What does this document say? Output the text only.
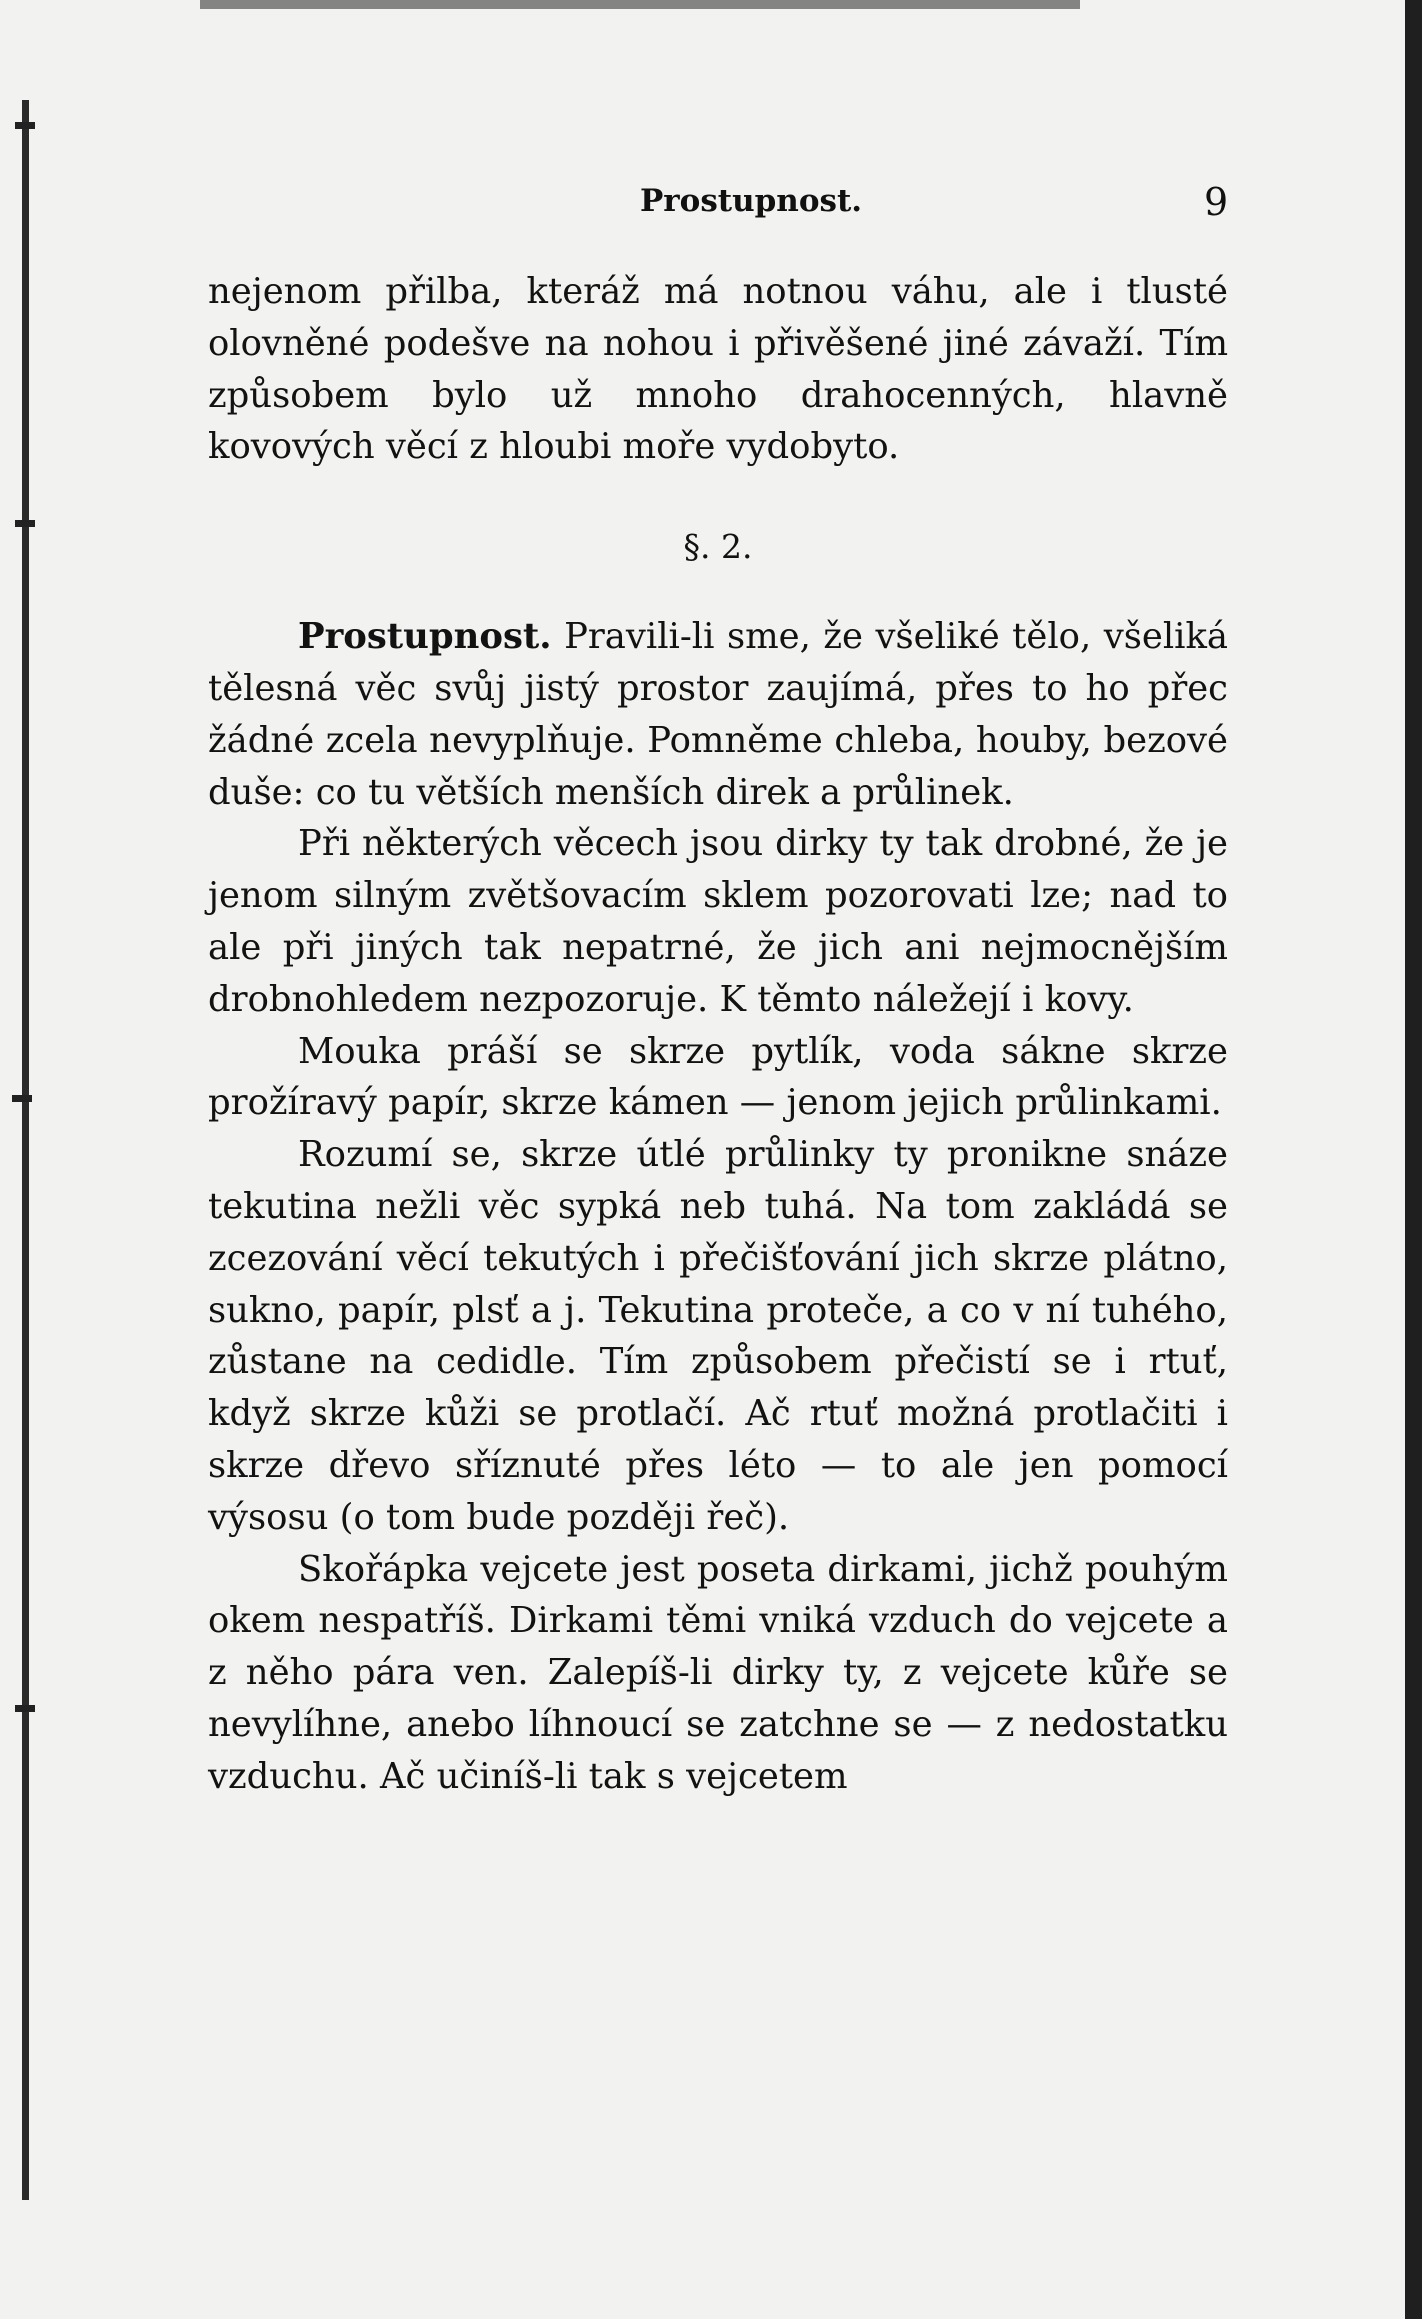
Prostupnost.	9

nejenom přilba, kteráž má notnou váhu, ale i tlusté olovněné podešve na nohou i přivěšené jiné závaží. Tím způsobem bylo už mnoho drahocenných, hlavně kovových věcí z hloubi moře vydobyto.

§. 2.

Prostupnost. Pravili-li sme, že všeliké tělo, všeliká tělesná věc svůj jistý prostor zaujímá, přes to ho přec žádné zcela nevyplňuje. Pomněme chleba, houby, bezové duše: co tu větších menších direk a průlinek.

Při některých věcech jsou dirky ty tak drobné, že je jenom silným zvětšovacím sklem pozorovati lze; nad to ale při jiných tak nepatrné, že jich ani nejmocnějším drobnohledem nezpozoruje. K těmto náležejí i kovy.

Mouka práší se skrze pytlík, voda sákne skrze prožíravý papír, skrze kámen — jenom jejich průlinkami.

Rozumí se, skrze útlé průlinky ty pronikne snáze tekutina nežli věc sypká neb tuhá. Na tom zakládá se zcezování věcí tekutých i přečišťování jich skrze plátno, sukno, papír, plsť a j. Tekutina proteče, a co v ní tuhého, zůstane na cedidle. Tím způsobem přečistí se i rtuť, když skrze kůži se protlačí. Ač rtuť možná protlačiti i skrze dřevo sříznuté přes léto — to ale jen pomocí výsosu (o tom bude později řeč).

Skořápka vejcete jest poseta dirkami, jichž pouhým okem nespatříš. Dirkami těmi vniká vzduch do vejcete a z něho pára ven. Zalepíš-li dirky ty, z vejcete kůře se nevylíhne, anebo líhnoucí se zatchne se — z nedostatku vzduchu. Ač učiníš-li tak s vejcetem
